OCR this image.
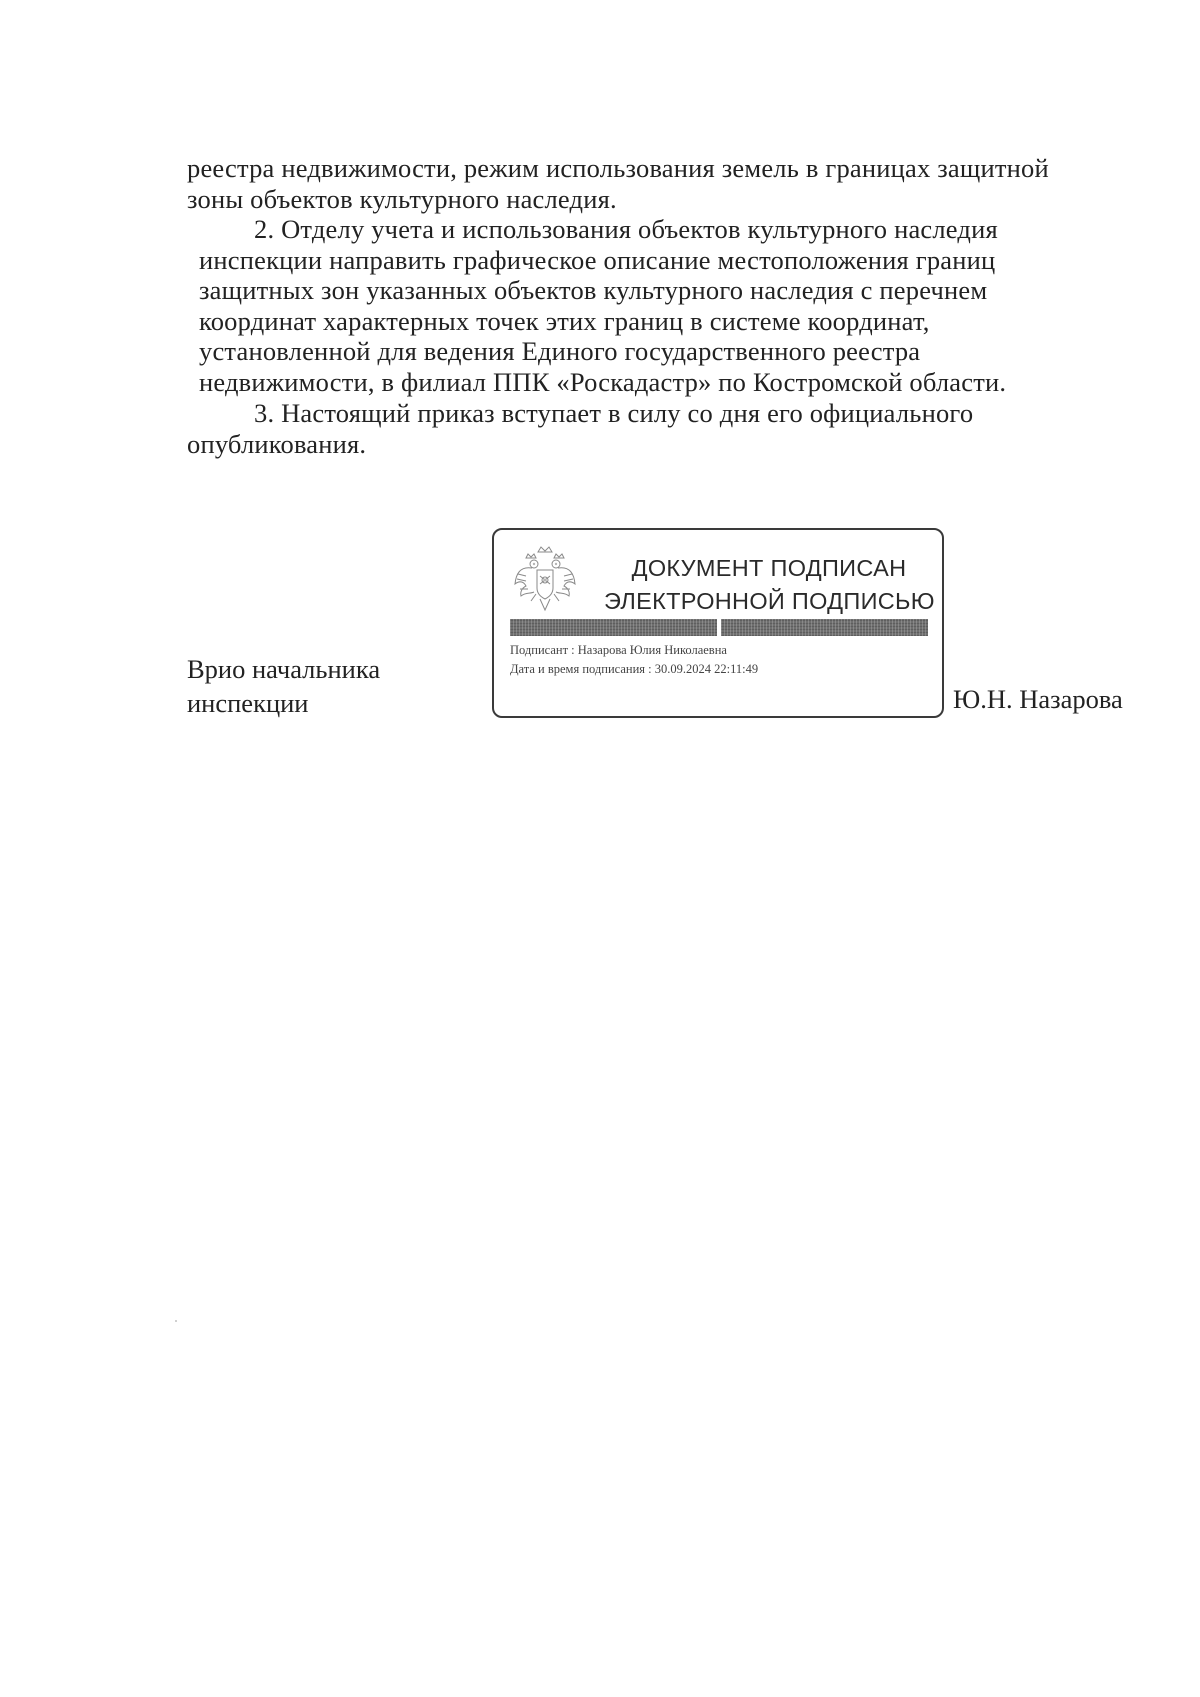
реестра недвижимости, режим использования земель в границах защитной
зоны объектов культурного наследия.
2. Отделу учета и использования объектов культурного наследия
инспекции направить графическое описание местоположения границ
защитных зон указанных объектов культурного наследия с перечнем
координат характерных точек этих границ в системе координат,
установленной для ведения Единого государственного реестра
недвижимости, в филиал ППК «Роскадастр» по Костромской области.
3. Настоящий приказ вступает в силу со дня его официального
опубликования.
Врио начальника
инспекции
ДОКУМЕНТ ПОДПИСАН
ЭЛЕКТРОННОЙ ПОДПИСЬЮ
Подписант : Назарова Юлия Николаевна
Дата и время подписания : 30.09.2024 22:11:49
Ю.Н. Назарова
